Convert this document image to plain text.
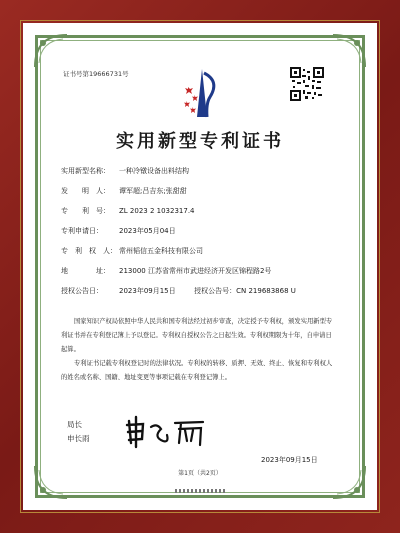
证书号第19666731号
实用新型专利证书
实用新型名称： 一种冷镦设备出料结构
发　　明　人： 谭军超;吕吉东;张甜甜
专　　利　号： ZL 2023 2 1032317.4
专利申请日： 2023年05月04日
专　利　权　人： 常州韬信五金科技有限公司
地　　　　址： 213000 江苏省常州市武进经济开发区锦程路2号
授权公告日： 2023年09月15日	授权公告号：CN 219683868 U

国家知识产权局依照中华人民共和国专利法经过初步审查，决定授予专利权，颁发实用新型专利证书并在专利登记簿上予以登记。专利权自授权公告之日起生效。专利权期限为十年，自申请日起算。

专利证书记载专利权登记时的法律状况。专利权的转移、质押、无效、终止、恢复和专利权人的姓名或名称、国籍、地址变更等事项记载在专利登记簿上。

局长
申长雨
2023年09月15日
第1页（共2页）
